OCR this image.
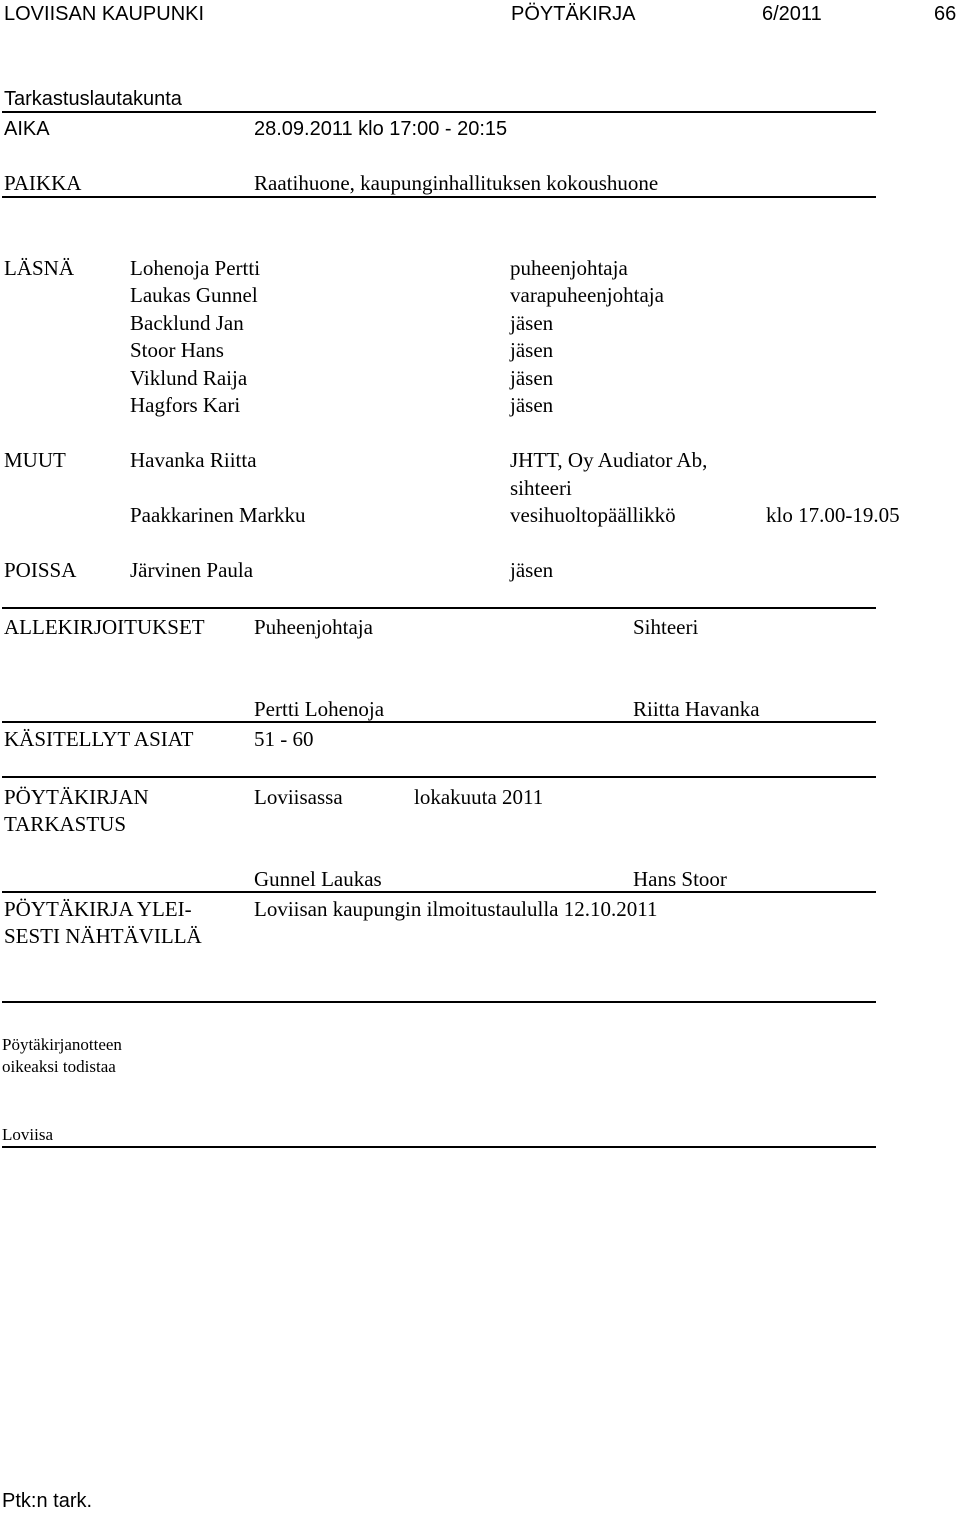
LOVIISAN KAUPUNKI	PÖYTÄKIRJA	6/2011	66
Tarkastuslautakunta
AIKA	28.09.2011 klo 17:00 - 20:15
PAIKKA	Raatihuone, kaupunginhallituksen kokoushuone
LÄSNÄ	Lohenoja Pertti	puheenjohtaja
Laukas Gunnel	varapuheenjohtaja
Backlund Jan	jäsen
Stoor Hans	jäsen
Viklund Raija	jäsen
Hagfors Kari	jäsen
MUUT	Havanka Riitta	JHTT, Oy Audiator Ab,
sihteeri
Paakkarinen Markku	vesihuoltopäällikkö	klo 17.00-19.05
POISSA	Järvinen Paula	jäsen
ALLEKIRJOITUKSET Puheenjohtaja	Sihteeri
Pertti Lohenoja	Riitta Havanka
KÄSITELLYT ASIAT	51 - 60
PÖYTÄKIRJAN
TARKASTUS
Loviisassa	lokakuuta 2011
Gunnel Laukas	Hans Stoor
PÖYTÄKIRJA YLEI-
SESTI NÄHTÄVILLÄ
Loviisan kaupungin ilmoitustaululla 12.10.2011
Pöytäkirjanotteen
oikeaksi todistaa
Loviisa
Ptk:n tark.
